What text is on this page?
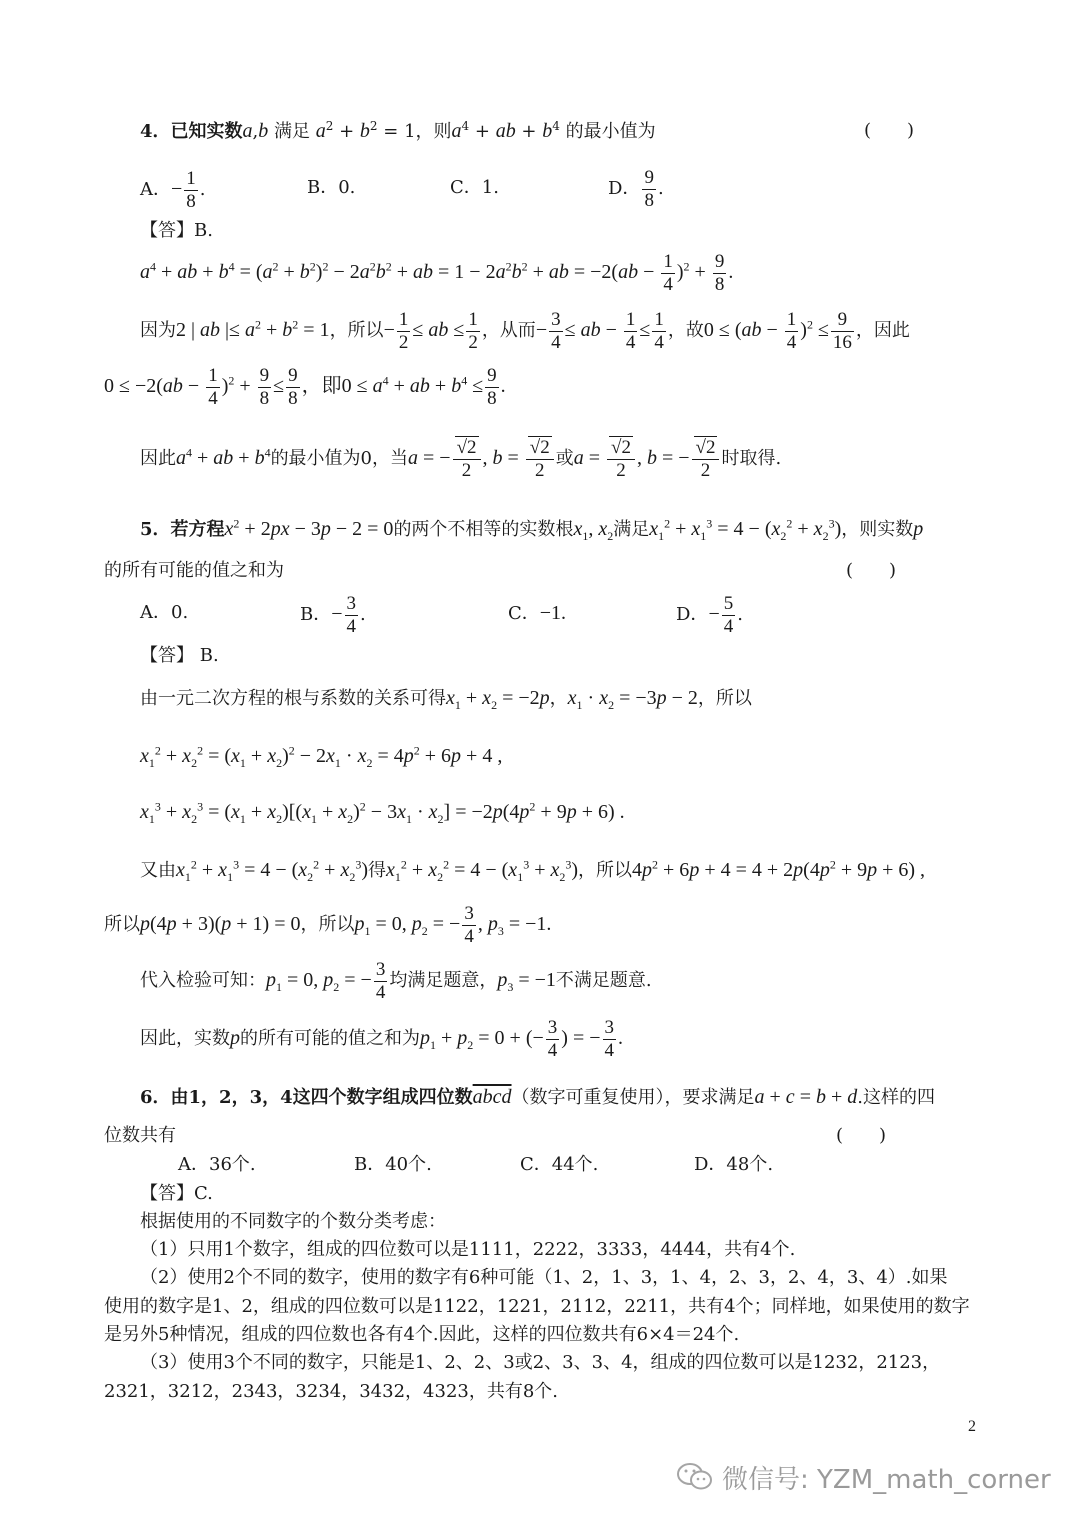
4．已知实数a,b 满足 $a^2 + b^2 = 1$，则$a^4$ + ab + $b^4$ 的最小值为	(　　)
A．− $\frac{1}{8}$ .	B．0.	C．1.	D． $\frac{9}{8}$ .
【答】B.
$a^4$ + ab + $b^4 = (a^2 + b^2)^2 - 2a^2b^2$ + ab = $1 - 2a^2b^2$ + ab = $-2(ab - \frac{1}{4} )^2 + \frac{9}{8}$ .
因为2 | ab |≤ $a^2 + b^2 = 1$，所以− $\frac{1}{2}$ ≤ ab ≤ $\frac{1}{2}$ ，从而− $\frac{3}{4}$ ≤ ab − $\frac{1}{4} \le \frac{1}{4}$ ，故$0 \le (ab - \frac{1}{4} )^2 \le \frac{9}{16}$ ，因此
$0 \le -2(ab - \frac{1}{4} )^2 + \frac{9}{8} \le \frac{9}{8}$ ，即$0 \le a^4$ + ab + $b^4 \le \frac{9}{8}$ .
因此$a^4$ + ab + $b^4$的最小值为0，当a = − $\frac{√2}{2}$ , $b = \frac{√2}{2}$ 或$a = \frac{√2}{2}$ , b = − $\frac{√2}{2}$ 时取得.
5．若方程$x^2 + 2px - 3p - 2 = 0$的两个不相等的实数根$x_1$, $x_2$满足$x_1^2 + x_1^3 = 4 - (x_2^2 + x_2^3)$，则实数p
的所有可能的值之和为	(　　)
A．0.	B．− $\frac{3}{4}$ .	C．−1.	D．− $\frac{5}{4}$ .
【答】 B.
由一元二次方程的根与系数的关系可得$x_1 + x_2 = -2p$，$x_1 \cdot x_2 = -3p - 2$，所以
$x_1^2 + x_2^2 = (x_1 + x_2)^2 - 2x_1 \cdot x_2 = 4p^2 + 6p + 4$ ,
$x_1^3 + x_2^3 = (x_1 + x_2)[(x_1 + x_2)^2 - 3x_1 \cdot x_2] = -2p(4p^2 + 9p + 6)$ .
又由$x_1^2 + x_1^3 = 4 - (x_2^2 + x_2^3)$得$x_1^2 + x_2^2 = 4 - (x_1^3 + x_2^3)$，所以$4p^2 + 6p + 4 = 4 + 2p(4p^2 + 9p + 6)$ ,
所以p(4p + 3)(p + 1) = 0，所以$p_1 = 0$, $p_2$ = − $\frac{3}{4}$ , $p_3 = -1$.
代入检验可知：$p_1 = 0$, $p_2$ = − $\frac{3}{4}$ 均满足题意，$p_3 = -1$不满足题意.
因此，实数p的所有可能的值之和为$p_1 + p_2 = 0$ + (− $\frac{3}{4}$ ) = − $\frac{3}{4}$ .
6．由1，2，3，4这四个数字组成四位数abcd（数字可重复使用），要求满足a + c = b + d.这样的四
位数共有	(　　)
A．36个.	B．40个.	C．44个.	D．48个.
【答】C.
根据使用的不同数字的个数分类考虑：
（1）只用1个数字，组成的四位数可以是1111，2222，3333，4444，共有4个.
（2）使用2个不同的数字，使用的数字有6种可能（1、2，1、3，1、4，2、3，2、4，3、4）.如果
使用的数字是1、2，组成的四位数可以是1122，1221，2112，2211，共有4个；同样地，如果使用的数字
是另外5种情况，组成的四位数也各有4个.因此，这样的四位数共有6×4＝24个.
（3）使用3个不同的数字，只能是1、2、2、3或2、3、3、4，组成的四位数可以是1232，2123，
2321，3212，2343，3234，3432，4323，共有8个.
2
微信号: YZM_math_corner
